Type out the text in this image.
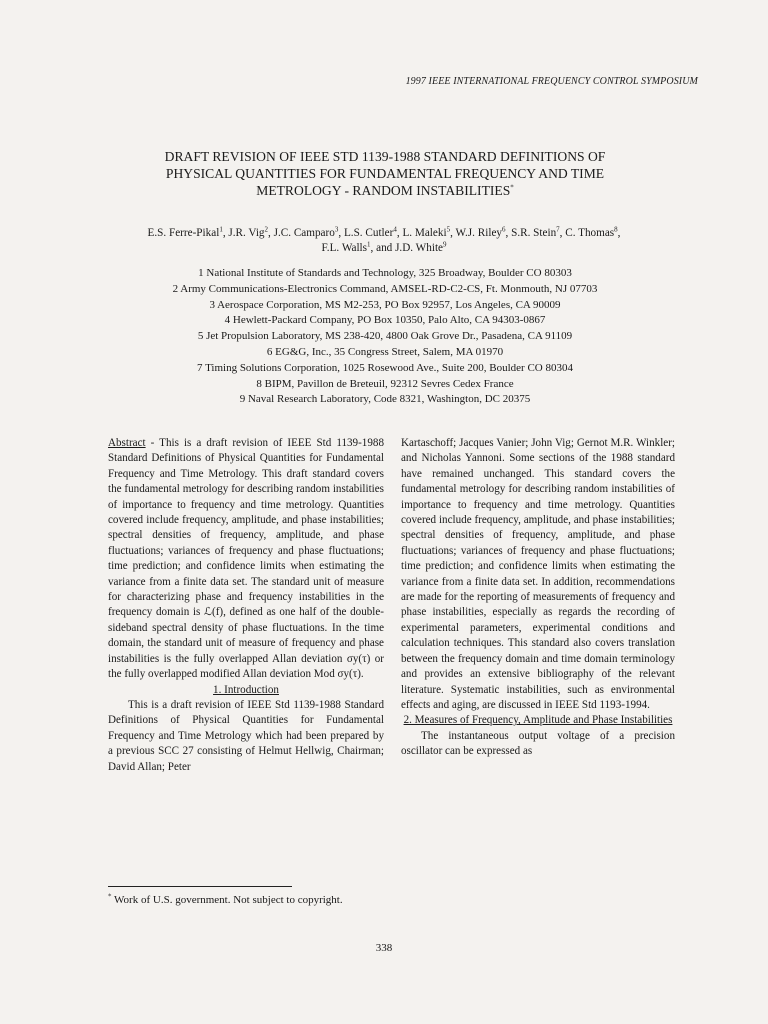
1997 IEEE INTERNATIONAL FREQUENCY CONTROL SYMPOSIUM
DRAFT REVISION OF IEEE STD 1139-1988 STANDARD DEFINITIONS OF
PHYSICAL QUANTITIES FOR FUNDAMENTAL FREQUENCY AND TIME
METROLOGY - RANDOM INSTABILITIES*
E.S. Ferre-Pikal$^1$, J.R. Vig$^2$, J.C. Camparo$^3$, L.S. Cutler$^4$, L. Maleki$^5$, W.J. Riley$^6$, S.R. Stein$^7$, C. Thomas$^8$,
F.L. Walls$^1$, and J.D. White$^9$
1 National Institute of Standards and Technology, 325 Broadway, Boulder CO 80303
2 Army Communications-Electronics Command, AMSEL-RD-C2-CS, Ft. Monmouth, NJ 07703
3 Aerospace Corporation, MS M2-253, PO Box 92957, Los Angeles, CA 90009
4 Hewlett-Packard Company, PO Box 10350, Palo Alto, CA 94303-0867
5 Jet Propulsion Laboratory, MS 238-420, 4800 Oak Grove Dr., Pasadena, CA 91109
6 EG&G, Inc., 35 Congress Street, Salem, MA 01970
7 Timing Solutions Corporation, 1025 Rosewood Ave., Suite 200, Boulder CO 80304
8 BIPM, Pavillon de Breteuil, 92312 Sevres Cedex France
9 Naval Research Laboratory, Code 8321, Washington, DC 20375

Abstract - This is a draft revision of IEEE Std 1139-1988 Standard Definitions of Physical Quantities for Fundamental Frequency and Time Metrology. This draft standard covers the fundamental metrology for describing random instabilities of importance to frequency and time metrology. Quantities covered include frequency, amplitude, and phase instabilities; spectral densities of frequency, amplitude, and phase fluctuations; variances of frequency and phase fluctuations; time prediction; and confidence limits when estimating the variance from a finite data set. The standard unit of measure for characterizing phase and frequency instabilities in the frequency domain is ℒ(f), defined as one half of the double-sideband spectral density of phase fluctuations. In the time domain, the standard unit of measure of frequency and phase instabilities is the fully overlapped Allan deviation σy(τ) or the fully overlapped modified Allan deviation Mod σy(τ).

1. Introduction

This is a draft revision of IEEE Std 1139-1988 Standard Definitions of Physical Quantities for Fundamental Frequency and Time Metrology which had been prepared by a previous SCC 27 consisting of Helmut Hellwig, Chairman; David Allan; Peter

Kartaschoff; Jacques Vanier; John Vig; Gernot M.R. Winkler; and Nicholas Yannoni. Some sections of the 1988 standard have remained unchanged. This standard covers the fundamental metrology for describing random instabilities of importance to frequency and time metrology. Quantities covered include frequency, amplitude, and phase instabilities; spectral densities of frequency, amplitude, and phase fluctuations; variances of frequency and phase fluctuations; time prediction; and confidence limits when estimating the variance from a finite data set. In addition, recommendations are made for the reporting of measurements of frequency and phase instabilities, especially as regards the recording of experimental parameters, experimental conditions and calculation techniques. This standard also covers translation between the frequency domain and time domain terminology and provides an extensive bibliography of the relevant literature. Systematic instabilities, such as environmental effects and aging, are discussed in IEEE Std 1193-1994.

2. Measures of Frequency, Amplitude and Phase Instabilities

The instantaneous output voltage of a precision oscillator can be expressed as

* Work of U.S. government. Not subject to copyright.
338
